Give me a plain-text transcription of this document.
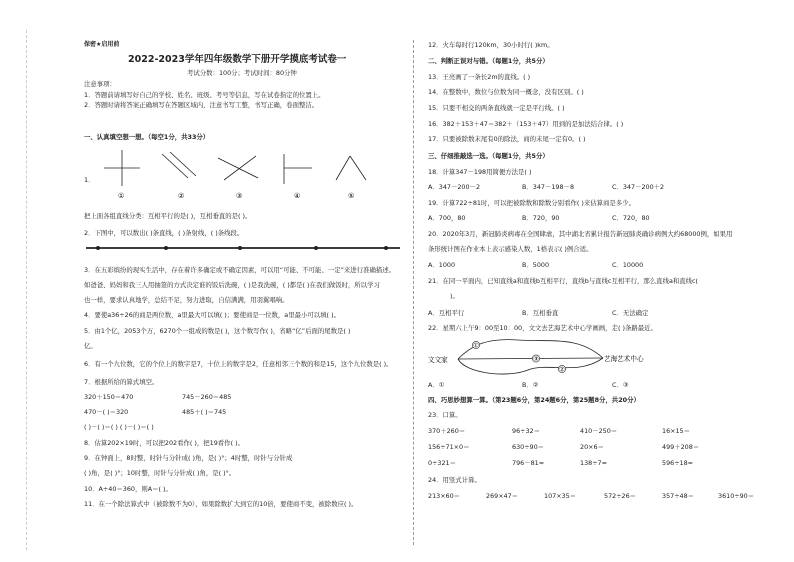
保密★启用前
2022-2023学年四年级数学下册开学摸底考试卷一
考试分数：100分；考试时间：80分钟
注意事项：
1．答题前请填写好自己的学校、姓名、班级、考号等信息，写在试卷指定的位置上。
2．答题时请将答案正确填写在答题区域内，注意书写工整，书写正确，卷面整洁。
一、认真填空想一想。（每空1分，共33分）
1．
①	②	③	④	⑤
把上面各组直线分类：互相平行的是( )，互相垂直的是( )。
2．下图中，可以数出( )条直线，( )条射线，( )条线段。
3．在五彩缤纷的现实生活中，存在着许多确定或不确定因素，可以用“可能、不可能、一定”来进行准确描述。
如爸爸、妈妈和我三人用抽签的方式决定谁的饭后洗碗，( )是我洗碗，( )都是( )在我们做饭时，所以学习
也一样，要求认真地学，总结不足，努力进取，自信满满，用羽翼唱响。
4．要使a36÷26的商是两位数，a里最大可以填( )；要使商是一位数，a里最小可以填( )。
5．由1个亿，2053个万，6270个一组成的数是( )，这个数写作( )，省略“亿”后面的尾数是( )
亿。
6．有一个九位数，它的个位上的数字是7，十位上的数字是2，任意相邻三个数的和是15，这个九位数是( )。
7．根据所给的算式填空。
320＋150＝470	745－260＝485
470－( )＝320	485＋( )＝745
( )－( )＝( ) ( )－( )＝( )
8．估算202×19时，可以把202看作( )，把19看作( )。
9．在钟面上，8时整，时针与分针成( )角，是( )°；4时整，时针与分针成
( )角，是( )°；10时整，时针与分针成( )角，是( )°。
10．A÷40＝360，则A＝( )。
11．在一个除法算式中（被除数不为0），如果除数扩大到它的10倍，要使商不变，被除数应( )。
12．火车每时行120km，30小时行( )km。
二、判断正误对与错。（每题1分，共5分）
13．王亮画了一条长2m的直线。( )
14．在整数中，数位与位数为同一概念，没有区别。( )
15．只要不相交的两条直线就一定是平行线。( )
16．382＋153＋47＝382＋（153＋47）用到的是加法结合律。( )
17．只要被除数末尾有0的除法，商的末尾一定有0。( )
三、仔细推敲选一选。（每题1分，共5分）
18．计算347－198用简便方法是( )
A．347－200－2	B．347－198－8	C．347－200＋2
19．计算722÷81时，可以把被除数和除数分别看作( )来估算商是多少。
A．700，80	B．720，90	C．720，80
20．2020年3月，新冠肺炎病毒在全国肆虐，其中湖北省累计报告新冠肺炎确诊病例大约68000例，如果用
条形统计图在作业本上表示感染人数，1格表示( )例合适。
A．1000	B．5000	C．10000
21．在同一平面内，已知直线a和直线b互相平行，直线b与直线c互相平行，那么直线a和直线c(
)。
A．互相平行	B．互相垂直	C．无法确定
22．星期六上午9：00至10：00，文文去艺海艺术中心学画画，走( )条路最近。
①
②
③
文文家	艺海艺术中心
A．①	B．②	C．③
四、巧思妙想算一算。（第23题6分，第24题6分，第25题8分，共20分）
23．口算。
370＋260＝	96÷32＝	410－250＝	16×15＝
156÷71×0＝	630÷90＝	20×6＝	499＋208＝
0÷321＝	796－81≈	138÷7≈	596÷18≈
24．用竖式计算。
213×60＝	269×47＝	107×35＝	572÷26＝	357÷48＝	3610÷90＝
